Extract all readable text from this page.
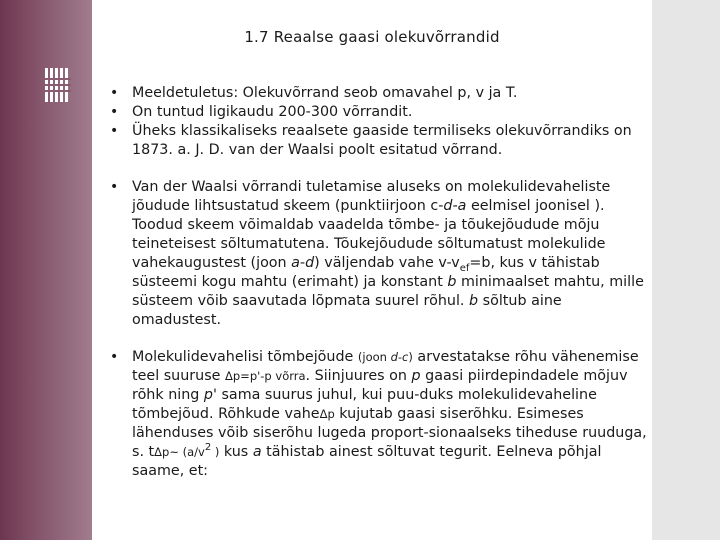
1.7 Reaalse gaasi olekuvõrrandid
• Meeldetuletus: Olekuvõrrand seob omavahel p, v ja T.
• On tuntud ligikaudu 200-300 võrrandit.
• Üheks klassikaliseks reaalsete gaaside termiliseks olekuvõrrandiks on 1873. a. J. D. van der Waalsi poolt esitatud võrrand.
• Van der Waalsi võrrandi tuletamise aluseks on molekulidevaheliste jõudude lihtsustatud skeem (punktiirjoon c-d-a eelmisel joonisel ). Toodud skeem võimaldab vaadelda tõmbe- ja tõukejõudude mõju teineteisest sõltumatutena. Tõukejõudude sõltumatust molekulide vahekaugustest (joon a-d) väljendab vahe $v-v_{ef}=b$, kus v tähistab süsteemi kogu mahtu (erimaht) ja konstant b minimaalset mahtu, mille süsteem võib saavutada lõpmata suurel rõhul. b sõltub aine omadustest.
• Molekulidevahelisi tõmbejõude (joon d-c) arvestatakse rõhu vähenemise teel suuruse Δp=p'-p võrra. Siinjuures on p gaasi piirdepindadele mõjuv rõhk ning p' sama suurus juhul, kui puu-duks molekulidevaheline tõmbejõud. Rõhkude vaheΔp kujutab gaasi siserõhku. Esimeses lähenduses võib siserõhu lugeda proport-sionaalseks tiheduse ruuduga, s. tΔp~ ($a/v^2$ ) kus a tähistab ainest sõltuvat tegurit. Eelneva põhjal saame, et:
